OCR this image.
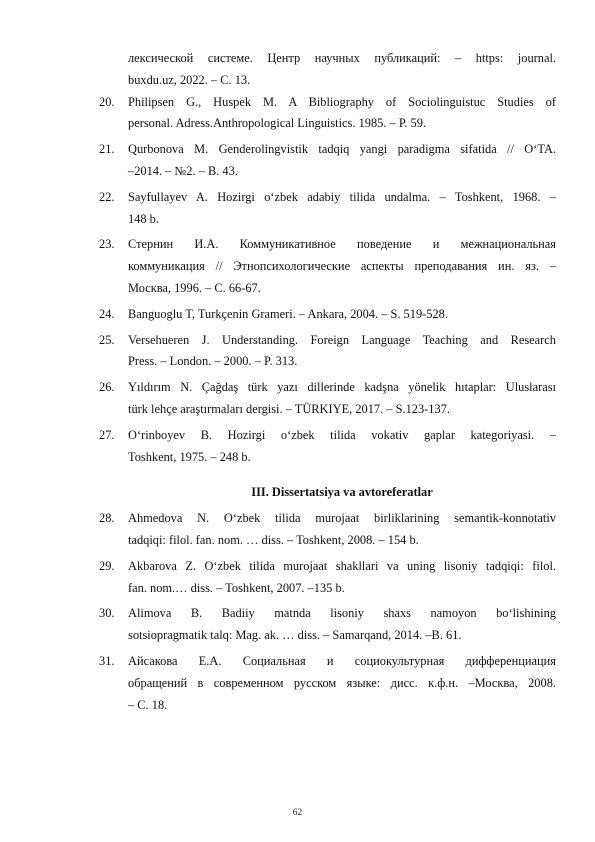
лексической системе. Центр научных публикаций: – https: journal.
buxdu.uz, 2022. – C. 13.
20.	Philipsen G., Huspek M. A Bibliography of Sociolinguistuc Studies of
personal. Adress.Anthropological Linguistics. 1985. – P. 59.
21.	Qurbonova M. Genderolingvistik tadqiq yangi paradigma sifatida // O‘TA.
–2014. – №2. – B. 43.
22.	Sayfullayev A. Hozirgi o‘zbek adabiy tilida undalma. – Toshkent, 1968. –
148 b.
23.	Стернин И.А. Коммуникативное поведение и межнациональная
коммуникация // Этнопсихологические аспекты преподавания ин. яз. –
Москва, 1996. – С. 66-67.
24.	Banguoglu T, Turkçenin Grameri. – Ankara, 2004. – S. 519-528.
25.	Versehueren J. Understanding. Foreign Language Teaching and Research
Press. – London. – 2000. – P. 313.
26.	Yıldırım N. Çağdaş türk yazı dillerinde kadşna yönelik hıtaplar: Uluslarası
türk lehçe araştırmaları dergisi. – TÜRKIYE, 2017. – S.123-137.
27.	O‘rinboyev B. Hozirgi o‘zbek tilida vokativ gaplar kategoriyasi. –
Toshkent, 1975. – 248 b.
III. Dissertatsiya va avtoreferatlar
28.	Ahmedova N. O‘zbek tilida murojaat birliklarining semantik-konnotativ
tadqiqi: filol. fan. nom. … diss. – Toshkent, 2008. – 154 b.
29.	Akbarova Z. O‘zbek tilida murojaat shakllari va uning lisoniy tadqiqi: filol.
fan. nom.… diss. – Toshkent, 2007. –135 b.
30.	Alimova B. Badiiy matnda lisoniy shaxs namoyon bo‘lishining
sotsiopragmatik talq: Mag. ak. … diss. – Samarqand, 2014. –B. 61.
31.	Айсакова Е.А. Социальная и социокультурная дифференциация
обращений в современном русском языке: дисс. к.ф.н. –Москва, 2008.
– С. 18.
62
